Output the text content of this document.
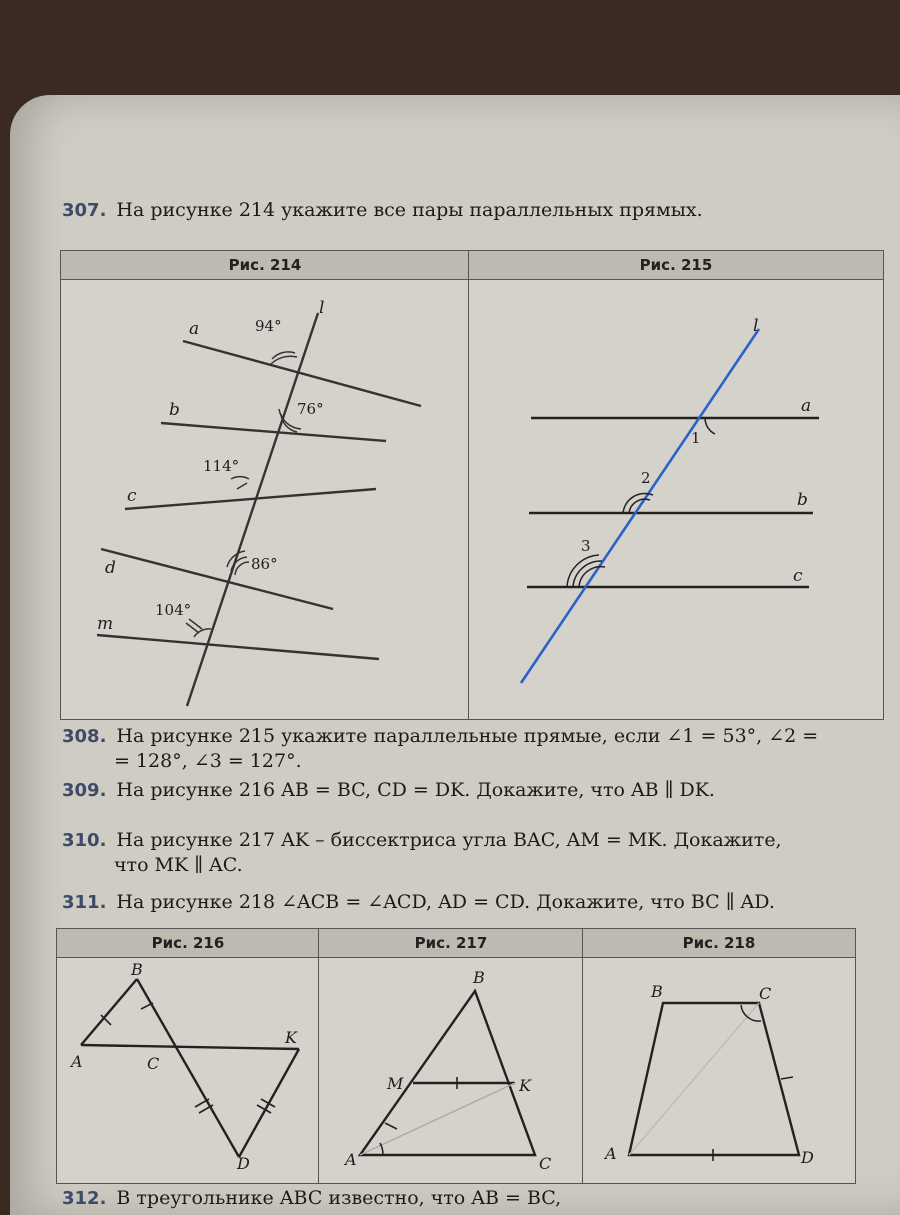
307. На рисунке 214 укажите все пары параллельных прямых.
Рис. 214	Рис. 215
a
b
c
d
m
l
94°
76°
114°
86°
104°
a
b
c
l
1
2
3
308. На рисунке 215 укажите параллельные прямые, если ∠1 = 53°, ∠2 =
= 128°, ∠3 = 127°.
309. На рисунке 216 AB = BC, CD = DK. Докажите, что AB ∥ DK.
310. На рисунке 217 AK – биссектриса угла BAC, AM = MK. Докажите,
что MK ∥ AC.
311. На рисунке 218 ∠ACB = ∠ACD, AD = CD. Докажите, что BC ∥ AD.
Рис. 216	Рис. 217	Рис. 218
B
A	C
K
D
B
M	K
A	C
B	C
A	D
312. В треугольнике ABC известно, что AB = BC,
